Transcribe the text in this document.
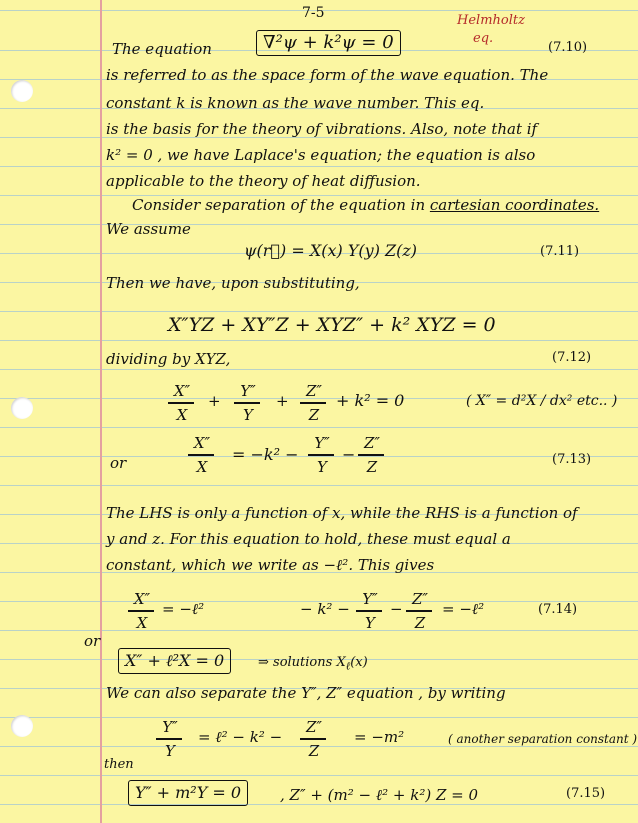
7-5	Helmholtz
eq.
The equation	∇²ψ + k²ψ = 0	(7.10)
is referred to as the space form of the wave equation. The
constant k is known as the wave number. This eq.
is the basis for the theory of vibrations. Also, note that if
k² = 0 , we have Laplace's equation; the equation is also
applicable to the theory of heat diffusion.
Consider separation of the equation in cartesian coordinates.
We assume
ψ(r⃗) = X(x) Y(y) Z(z)	(7.11)
Then we have, upon substituting,
X″YZ + XY″Z + XYZ″ + k² XYZ = 0
dividing by XYZ,	(7.12)
X″
X
+
Y″
Y
+
Z″
Z
+ k² = 0	( X″ = d²X / dx² etc.. )
or
X″
X
= −k² −
Y″
Y
−
Z″
Z	(7.13)
The LHS is only a function of x, while the RHS is a function of
y and z. For this equation to hold, these must equal a
constant, which we write as −ℓ². This gives
X″
X
= −ℓ²	− k² −
Y″
Y
−
Z″
Z
= −ℓ²	(7.14)
or
X″ + ℓ²X = 0	⇒ solutions $X_\ell(x)$
We can also separate the Y″, Z″ equation , by writing
Y″
Y
= ℓ² − k² −
Z″
Z
= −m²	( another separation constant )
then
Y″ + m²Y = 0	, Z″ + (m² − ℓ² + k²) Z = 0	(7.15)
